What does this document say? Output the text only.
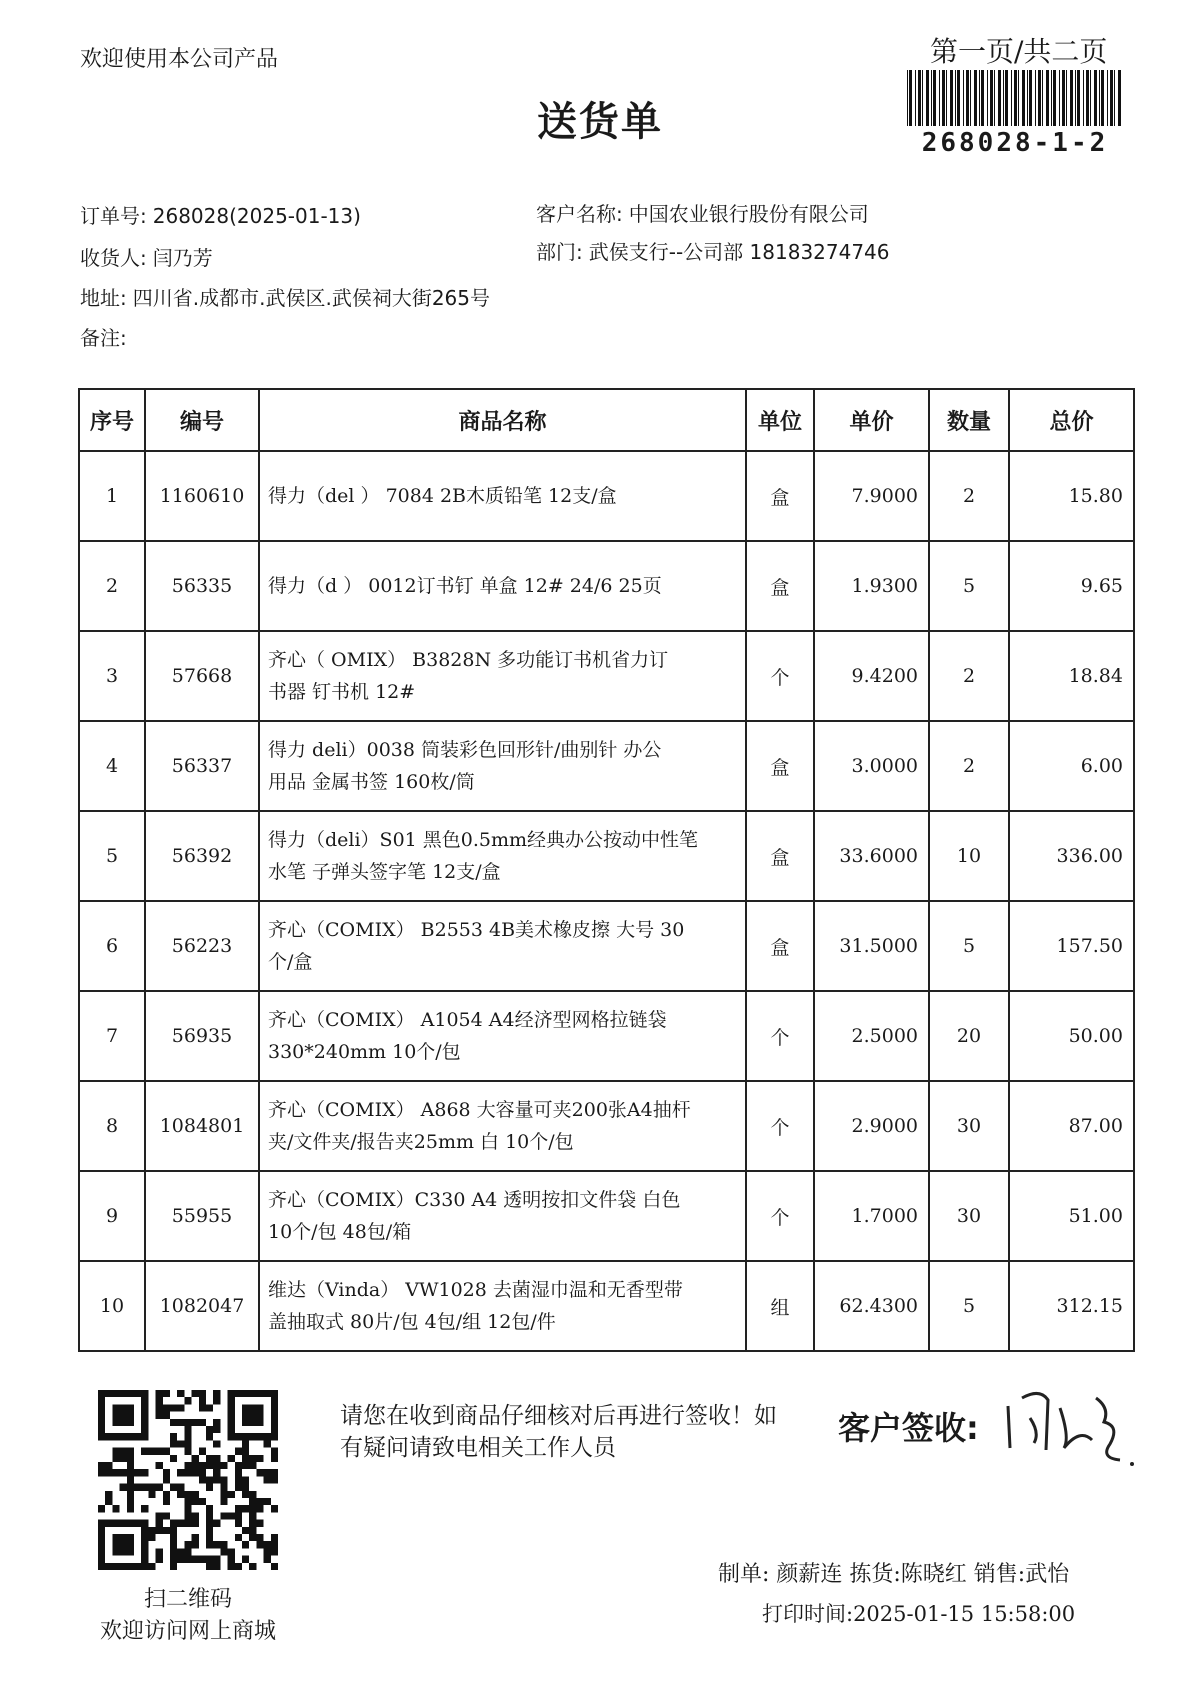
欢迎使用本公司产品
送货单
第一页/共二页
268028-1-2
订单号: 268028(2025-01-13)
收货人: 闫乃芳
地址: 四川省.成都市.武侯区.武侯祠大街265号
备注:
客户名称: 中国农业银行股份有限公司
部门: 武侯支行--公司部 18183274746
序号	编号	商品名称	单位	单价	数量	总价
1	1160610	得力（del ） 7084 2B木质铅笔 12支/盒	盒	7.9000	2	15.80
2	56335	得力（d ） 0012订书钉 单盒 12# 24/6 25页	盒	1.9300	5	9.65
3	57668	齐心（ OMIX） B3828N 多功能订书机省力订
书器 钉书机 12#	个	9.4200	2	18.84
4	56337	得力 deli）0038 筒装彩色回形针/曲别针 办公
用品 金属书签 160枚/筒	盒	3.0000	2	6.00
5	56392	得力（deli）S01 黑色0.5mm经典办公按动中性笔
水笔 子弹头签字笔 12支/盒	盒	33.6000	10	336.00
6	56223	齐心（COMIX） B2553 4B美术橡皮擦 大号 30
个/盒	盒	31.5000	5	157.50
7	56935	齐心（COMIX） A1054 A4经济型网格拉链袋
330*240mm 10个/包	个	2.5000	20	50.00
8	1084801	齐心（COMIX） A868 大容量可夹200张A4抽杆
夹/文件夹/报告夹25mm 白 10个/包	个	2.9000	30	87.00
9	55955	齐心（COMIX）C330 A4 透明按扣文件袋 白色
10个/包 48包/箱	个	1.7000	30	51.00
10	1082047	维达（Vinda） VW1028 去菌湿巾温和无香型带
盖抽取式 80片/包 4包/组 12包/件	组	62.4300	5	312.15
扫二维码
欢迎访问网上商城
请您在收到商品仔细核对后再进行签收！如有疑问请致电相关工作人员
客户签收:
制单: 颜薪连 拣货:陈晓红 销售:武怡
打印时间:2025-01-15 15:58:00
